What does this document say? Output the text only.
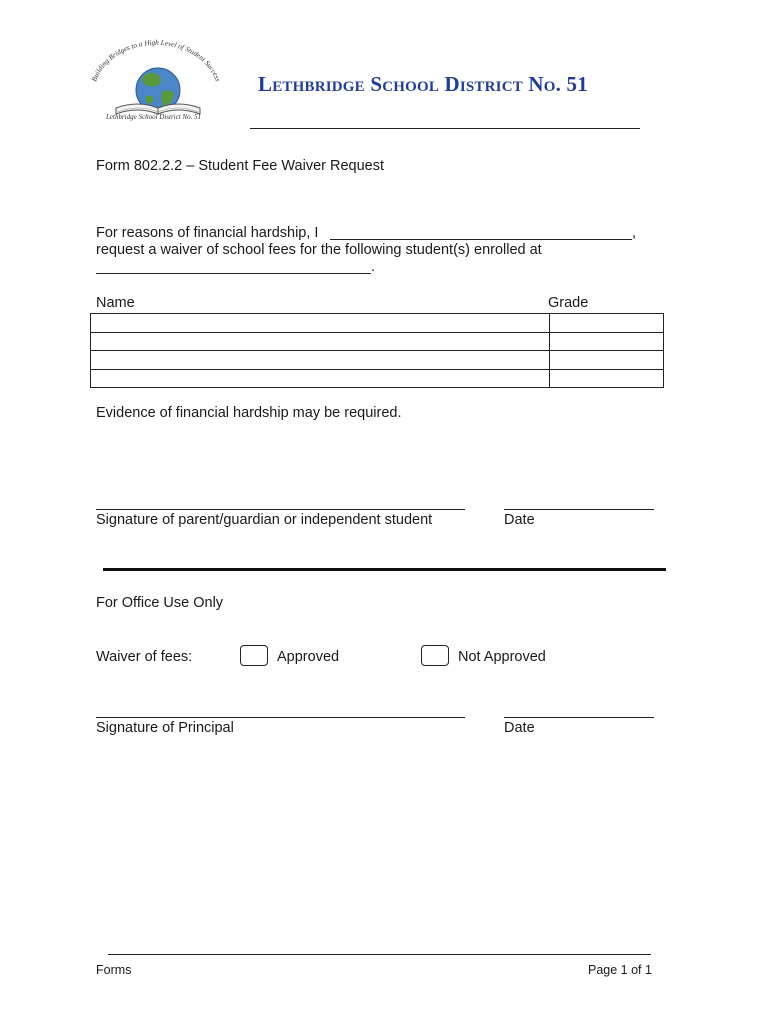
Building Bridges to a High Level of Student Success
Lethbridge School District No. 51
Lethbridge School District No. 51
Form 802.2.2 – Student Fee Waiver Request
For reasons of financial hardship, I	,
request a waiver of school fees for the following student(s) enrolled at
.
Name	Grade

Evidence of financial hardship may be required.
Signature of parent/guardian or independent student	Date
For Office Use Only
Waiver of fees:	Approved	Not Approved
Signature of Principal	Date
Forms	Page 1 of 1
